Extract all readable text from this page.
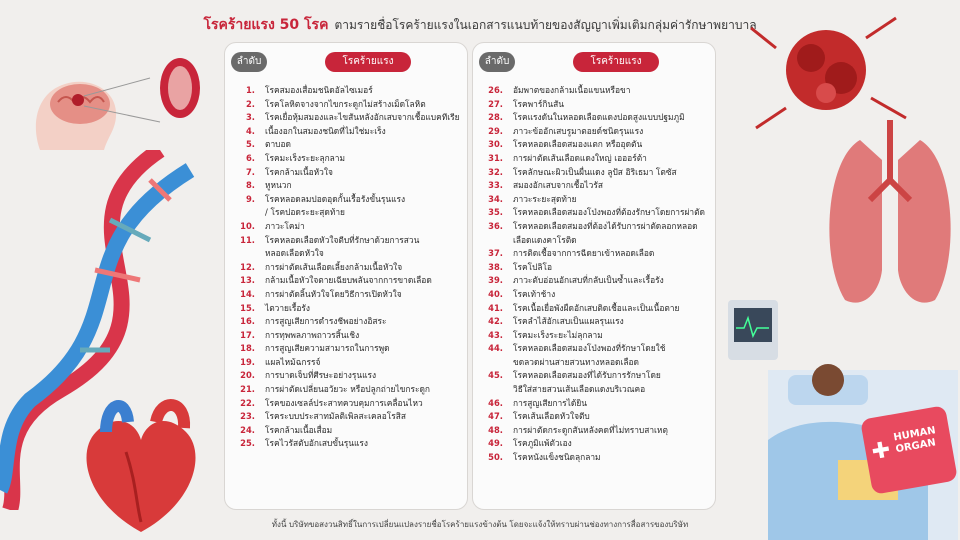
โรคร้ายแรง 50 โรค ตามรายชื่อโรคร้ายแรงในเอกสารแนบท้ายของสัญญาเพิ่มเติมกลุ่มค่ารักษาพยาบาล
✚
HUMAN ORGAN
ลำดับ	โรคร้ายแรง
1. โรคสมองเสื่อมชนิดอัลไซเมอร์
2. โรคโลหิตจางจากไขกระดูกไม่สร้างเม็ดโลหิต
3. โรคเยื่อหุ้มสมองและไขสันหลังอักเสบจากเชื้อแบคทีเรีย
4. เนื้องอกในสมองชนิดที่ไม่ใช่มะเร็ง
5. ตาบอด
6. โรคมะเร็งระยะลุกลาม
7. โรคกล้ามเนื้อหัวใจ
8. หูหนวก
9. โรคหลอดลมปอดอุดกั้นเรื้อรังขั้นรุนแรง
/ โรคปอดระยะสุดท้าย
10. ภาวะโคม่า
11. โรคหลอดเลือดหัวใจตีบที่รักษาด้วยการสวน
หลอดเลือดหัวใจ
12. การผ่าตัดเส้นเลือดเลี้ยงกล้ามเนื้อหัวใจ
13. กล้ามเนื้อหัวใจตายเฉียบพลันจากการขาดเลือด
14. การผ่าตัดลิ้นหัวใจโดยวิธีการเปิดหัวใจ
15. ไตวายเรื้อรัง
16. การสูญเสียการดำรงชีพอย่างอิสระ
17. การทุพพลภาพถาวรสิ้นเชิง
18. การสูญเสียความสามารถในการพูด
19. แผลไหม้ฉกรรจ์
20. การบาดเจ็บที่ศีรษะอย่างรุนแรง
21. การผ่าตัดเปลี่ยนอวัยวะ หรือปลูกถ่ายไขกระดูก
22. โรคของเซลล์ประสาทควบคุมการเคลื่อนไหว
23. โรคระบบประสาทมัลติเพิลสะเคลอโรสิส
24. โรคกล้ามเนื้อเสื่อม
25. โรคไวรัสตับอักเสบขั้นรุนแรง
ลำดับ	โรคร้ายแรง
26. อัมพาตของกล้ามเนื้อแขนหรือขา
27. โรคพาร์กินสัน
28. โรคแรงดันในหลอดเลือดแดงปอดสูงแบบปฐมภูมิ
29. ภาวะข้ออักเสบรูมาตอยด์ชนิดรุนแรง
30. โรคหลอดเลือดสมองแตก หรืออุดตัน
31. การผ่าตัดเส้นเลือดแดงใหญ่ เอออร์ต้า
32. โรคลักษณะผิวเป็นผื่นแดง ลูปัส อิริเธมา โตซัส
33. สมองอักเสบจากเชื้อไวรัส
34. ภาวะระยะสุดท้าย
35. โรคหลอดเลือดสมองโป่งพองที่ต้องรักษาโดยการผ่าตัด
36. โรคหลอดเลือดสมองที่ต้องได้รับการผ่าตัดลอกหลอด
เลือดแดงคาโรติด
37. การติดเชื้อจากการฉีดยาเข้าหลอดเลือด
38. โรคโปลิโอ
39. ภาวะตับอ่อนอักเสบที่กลับเป็นซ้ำและเรื้อรัง
40. โรคเท้าช้าง
41. โรคเนื้อเยื่อพังผืดอักเสบติดเชื้อและเป็นเนื้อตาย
42. โรคลำไส้อักเสบเป็นแผลรุนแรง
43. โรคมะเร็งระยะไม่ลุกลาม
44. โรคหลอดเลือดสมองโป่งพองที่รักษาโดยใช้
ขดลวดผ่านสายสวนทางหลอดเลือด
45. โรคหลอดเลือดสมองที่ได้รับการรักษาโดย
วิธีใส่สายสวนเส้นเลือดแดงบริเวณคอ
46. การสูญเสียการได้ยิน
47. โรคเส้นเลือดหัวใจตีบ
48. การผ่าตัดกระดูกสันหลังคดที่ไม่ทราบสาเหตุ
49. โรคภูมิแพ้ตัวเอง
50. โรคหนังแข็งชนิดลุกลาม
ทั้งนี้ บริษัทขอสงวนสิทธิ์ในการเปลี่ยนแปลงรายชื่อโรคร้ายแรงข้างต้น โดยจะแจ้งให้ทราบผ่านช่องทางการสื่อสารของบริษัท
